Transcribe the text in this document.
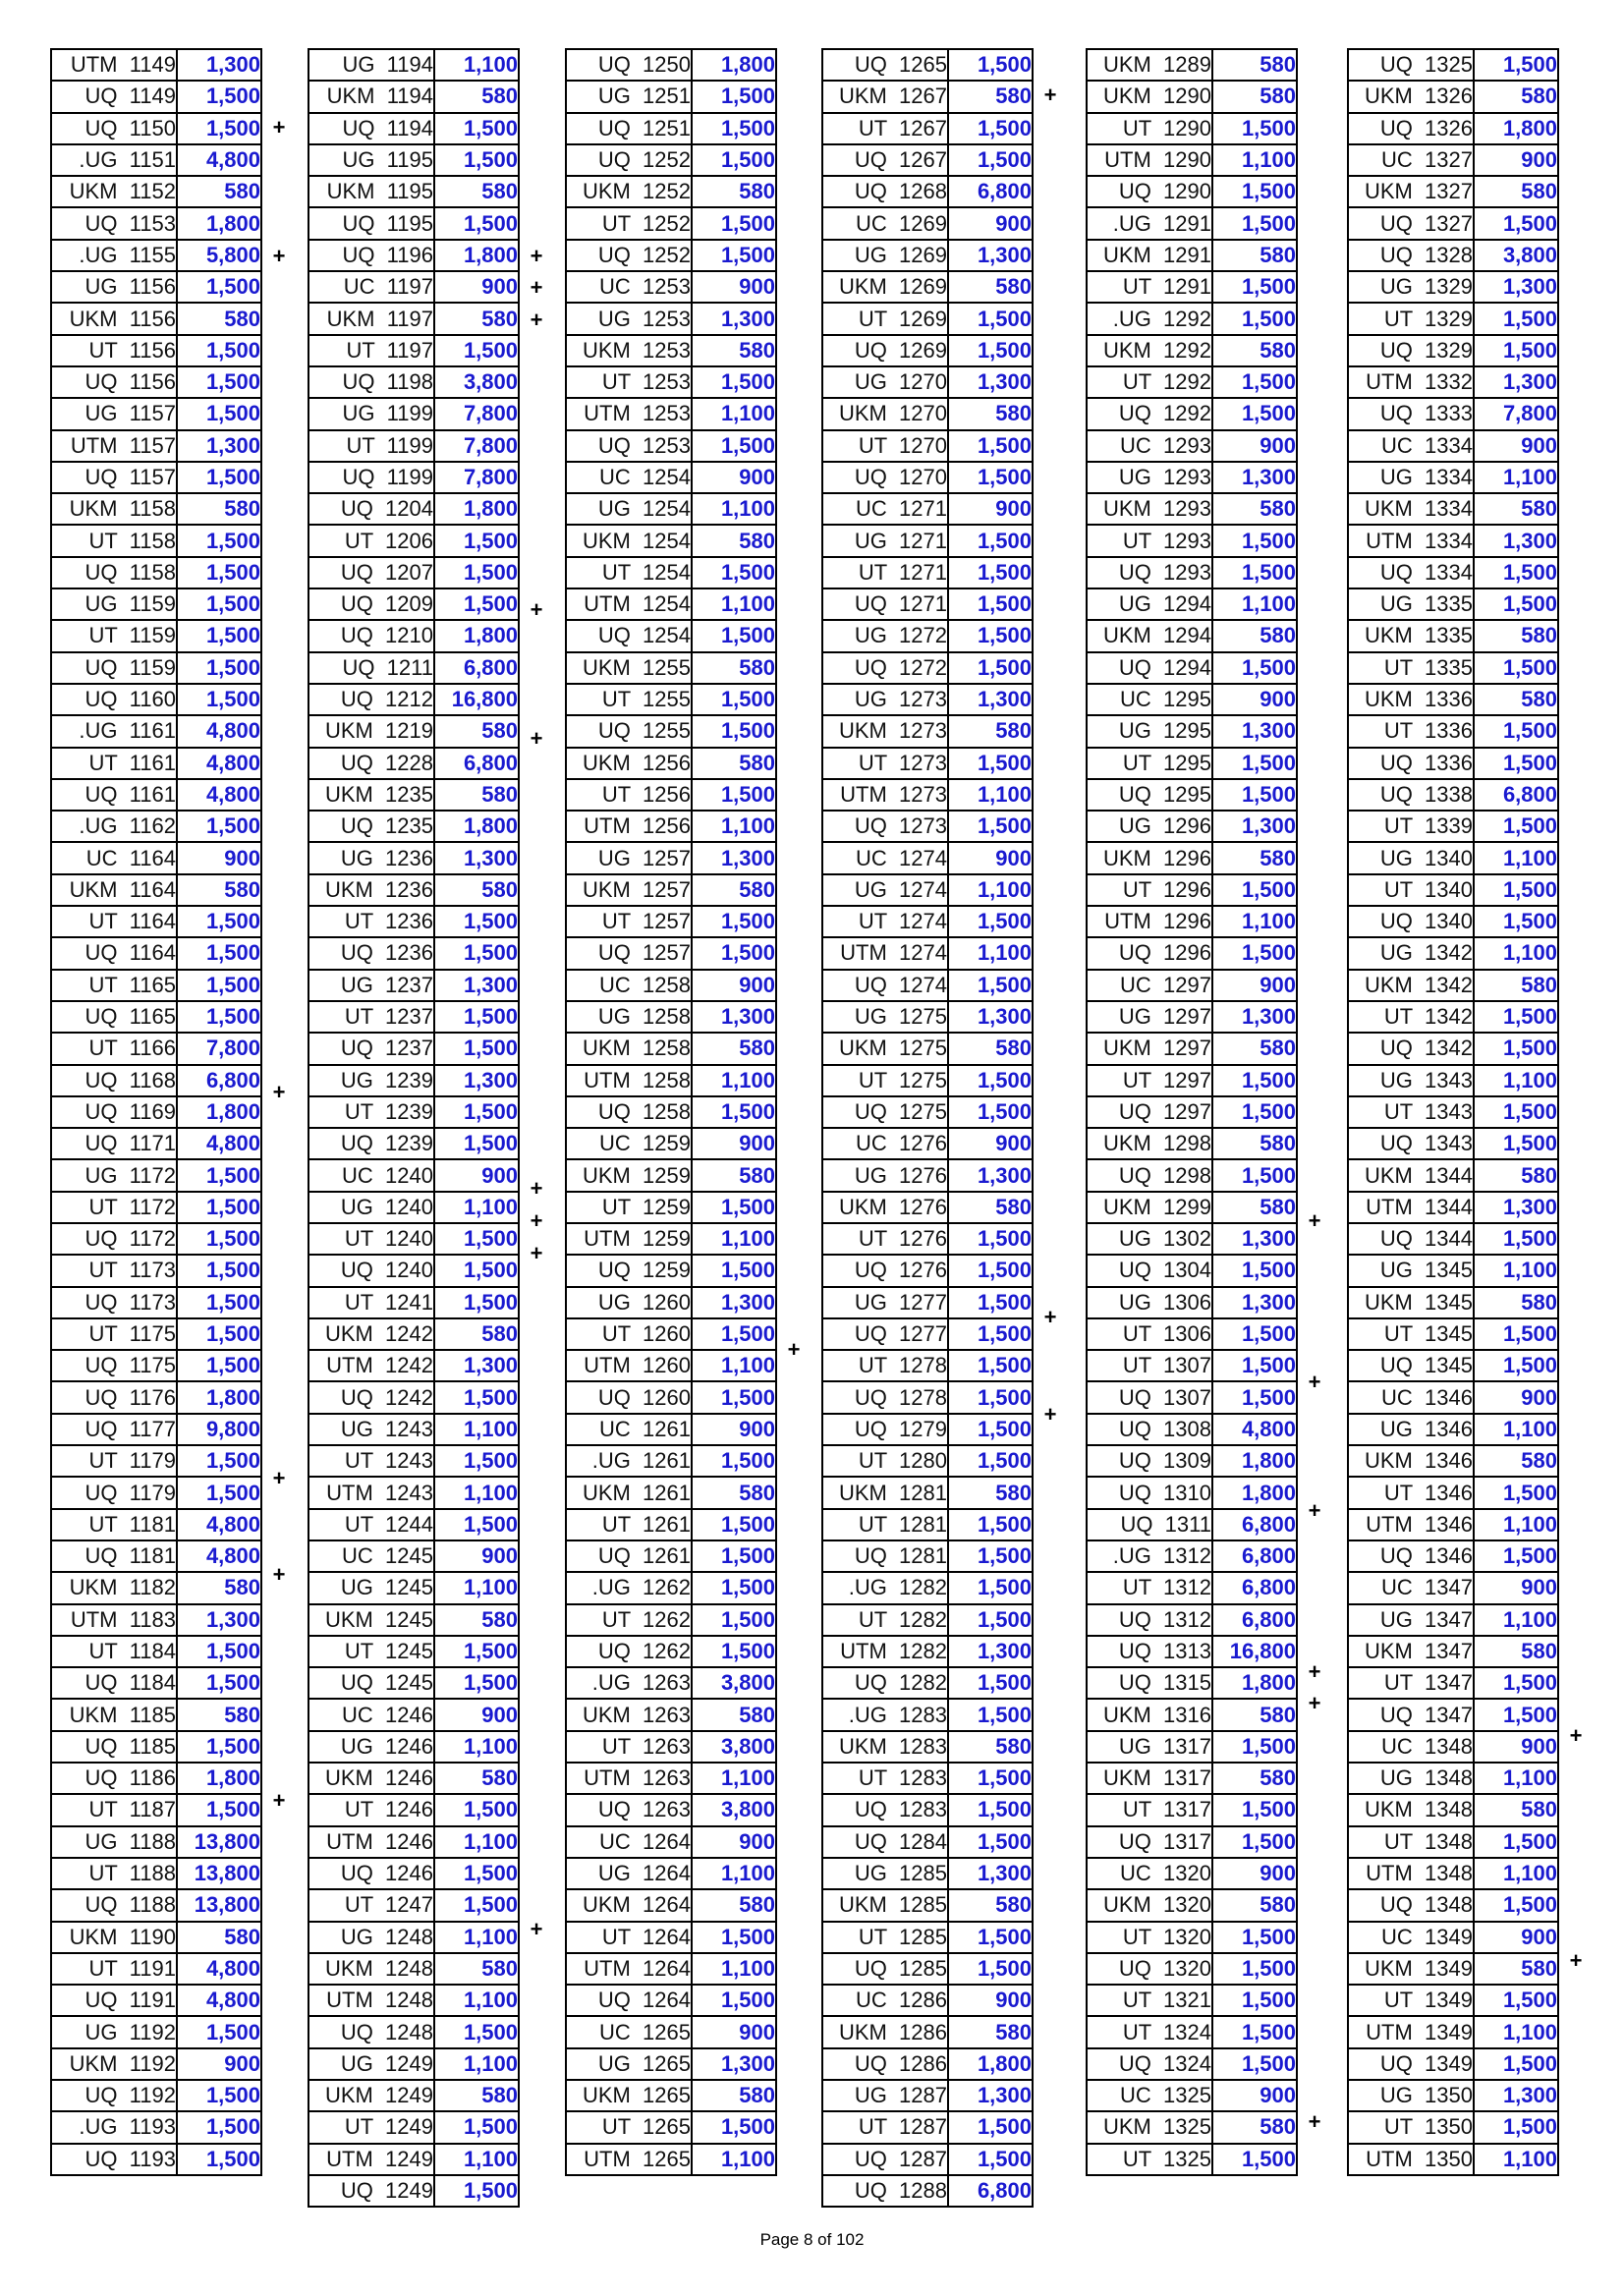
+
+
+
+
+
+
UTM  1149	1,300
UQ  1149	1,500
UQ  1150	1,500
.UG  1151	4,800
UKM  1152	580
UQ  1153	1,800
.UG  1155	5,800
UG  1156	1,500
UKM  1156	580
UT  1156	1,500
UQ  1156	1,500
UG  1157	1,500
UTM  1157	1,300
UQ  1157	1,500
UKM  1158	580
UT  1158	1,500
UQ  1158	1,500
UG  1159	1,500
UT  1159	1,500
UQ  1159	1,500
UQ  1160	1,500
.UG  1161	4,800
UT  1161	4,800
UQ  1161	4,800
.UG  1162	1,500
UC  1164	900
UKM  1164	580
UT  1164	1,500
UQ  1164	1,500
UT  1165	1,500
UQ  1165	1,500
UT  1166	7,800
UQ  1168	6,800
UQ  1169	1,800
UQ  1171	4,800
UG  1172	1,500
UT  1172	1,500
UQ  1172	1,500
UT  1173	1,500
UQ  1173	1,500
UT  1175	1,500
UQ  1175	1,500
UQ  1176	1,800
UQ  1177	9,800
UT  1179	1,500
UQ  1179	1,500
UT  1181	4,800
UQ  1181	4,800
UKM  1182	580
UTM  1183	1,300
UT  1184	1,500
UQ  1184	1,500
UKM  1185	580
UQ  1185	1,500
UQ  1186	1,800
UT  1187	1,500
UG  1188	13,800
UT  1188	13,800
UQ  1188	13,800
UKM  1190	580
UT  1191	4,800
UQ  1191	4,800
UG  1192	1,500
UKM  1192	900
UQ  1192	1,500
.UG  1193	1,500
UQ  1193	1,500
+
+
+
+
+
+
+
+
+
UG  1194	1,100
UKM  1194	580
UQ  1194	1,500
UG  1195	1,500
UKM  1195	580
UQ  1195	1,500
UQ  1196	1,800
UC  1197	900
UKM  1197	580
UT  1197	1,500
UQ  1198	3,800
UG  1199	7,800
UT  1199	7,800
UQ  1199	7,800
UQ  1204	1,800
UT  1206	1,500
UQ  1207	1,500
UQ  1209	1,500
UQ  1210	1,800
UQ  1211	6,800
UQ  1212	16,800
UKM  1219	580
UQ  1228	6,800
UKM  1235	580
UQ  1235	1,800
UG  1236	1,300
UKM  1236	580
UT  1236	1,500
UQ  1236	1,500
UG  1237	1,300
UT  1237	1,500
UQ  1237	1,500
UG  1239	1,300
UT  1239	1,500
UQ  1239	1,500
UC  1240	900
UG  1240	1,100
UT  1240	1,500
UQ  1240	1,500
UT  1241	1,500
UKM  1242	580
UTM  1242	1,300
UQ  1242	1,500
UG  1243	1,100
UT  1243	1,500
UTM  1243	1,100
UT  1244	1,500
UC  1245	900
UG  1245	1,100
UKM  1245	580
UT  1245	1,500
UQ  1245	1,500
UC  1246	900
UG  1246	1,100
UKM  1246	580
UT  1246	1,500
UTM  1246	1,100
UQ  1246	1,500
UT  1247	1,500
UG  1248	1,100
UKM  1248	580
UTM  1248	1,100
UQ  1248	1,500
UG  1249	1,100
UKM  1249	580
UT  1249	1,500
UTM  1249	1,100
UQ  1249	1,500
+
UQ  1250	1,800
UG  1251	1,500
UQ  1251	1,500
UQ  1252	1,500
UKM  1252	580
UT  1252	1,500
UQ  1252	1,500
UC  1253	900
UG  1253	1,300
UKM  1253	580
UT  1253	1,500
UTM  1253	1,100
UQ  1253	1,500
UC  1254	900
UG  1254	1,100
UKM  1254	580
UT  1254	1,500
UTM  1254	1,100
UQ  1254	1,500
UKM  1255	580
UT  1255	1,500
UQ  1255	1,500
UKM  1256	580
UT  1256	1,500
UTM  1256	1,100
UG  1257	1,300
UKM  1257	580
UT  1257	1,500
UQ  1257	1,500
UC  1258	900
UG  1258	1,300
UKM  1258	580
UTM  1258	1,100
UQ  1258	1,500
UC  1259	900
UKM  1259	580
UT  1259	1,500
UTM  1259	1,100
UQ  1259	1,500
UG  1260	1,300
UT  1260	1,500
UTM  1260	1,100
UQ  1260	1,500
UC  1261	900
.UG  1261	1,500
UKM  1261	580
UT  1261	1,500
UQ  1261	1,500
.UG  1262	1,500
UT  1262	1,500
UQ  1262	1,500
.UG  1263	3,800
UKM  1263	580
UT  1263	3,800
UTM  1263	1,100
UQ  1263	3,800
UC  1264	900
UG  1264	1,100
UKM  1264	580
UT  1264	1,500
UTM  1264	1,100
UQ  1264	1,500
UC  1265	900
UG  1265	1,300
UKM  1265	580
UT  1265	1,500
UTM  1265	1,100
+
+
+
UQ  1265	1,500
UKM  1267	580
UT  1267	1,500
UQ  1267	1,500
UQ  1268	6,800
UC  1269	900
UG  1269	1,300
UKM  1269	580
UT  1269	1,500
UQ  1269	1,500
UG  1270	1,300
UKM  1270	580
UT  1270	1,500
UQ  1270	1,500
UC  1271	900
UG  1271	1,500
UT  1271	1,500
UQ  1271	1,500
UG  1272	1,500
UQ  1272	1,500
UG  1273	1,300
UKM  1273	580
UT  1273	1,500
UTM  1273	1,100
UQ  1273	1,500
UC  1274	900
UG  1274	1,100
UT  1274	1,500
UTM  1274	1,100
UQ  1274	1,500
UG  1275	1,300
UKM  1275	580
UT  1275	1,500
UQ  1275	1,500
UC  1276	900
UG  1276	1,300
UKM  1276	580
UT  1276	1,500
UQ  1276	1,500
UG  1277	1,500
UQ  1277	1,500
UT  1278	1,500
UQ  1278	1,500
UQ  1279	1,500
UT  1280	1,500
UKM  1281	580
UT  1281	1,500
UQ  1281	1,500
.UG  1282	1,500
UT  1282	1,500
UTM  1282	1,300
UQ  1282	1,500
.UG  1283	1,500
UKM  1283	580
UT  1283	1,500
UQ  1283	1,500
UQ  1284	1,500
UG  1285	1,300
UKM  1285	580
UT  1285	1,500
UQ  1285	1,500
UC  1286	900
UKM  1286	580
UQ  1286	1,800
UG  1287	1,300
UT  1287	1,500
UQ  1287	1,500
UQ  1288	6,800
+
+
+
+
+
+
UKM  1289	580
UKM  1290	580
UT  1290	1,500
UTM  1290	1,100
UQ  1290	1,500
.UG  1291	1,500
UKM  1291	580
UT  1291	1,500
.UG  1292	1,500
UKM  1292	580
UT  1292	1,500
UQ  1292	1,500
UC  1293	900
UG  1293	1,300
UKM  1293	580
UT  1293	1,500
UQ  1293	1,500
UG  1294	1,100
UKM  1294	580
UQ  1294	1,500
UC  1295	900
UG  1295	1,300
UT  1295	1,500
UQ  1295	1,500
UG  1296	1,300
UKM  1296	580
UT  1296	1,500
UTM  1296	1,100
UQ  1296	1,500
UC  1297	900
UG  1297	1,300
UKM  1297	580
UT  1297	1,500
UQ  1297	1,500
UKM  1298	580
UQ  1298	1,500
UKM  1299	580
UG  1302	1,300
UQ  1304	1,500
UG  1306	1,300
UT  1306	1,500
UT  1307	1,500
UQ  1307	1,500
UQ  1308	4,800
UQ  1309	1,800
UQ  1310	1,800
UQ  1311	6,800
.UG  1312	6,800
UT  1312	6,800
UQ  1312	6,800
UQ  1313	16,800
UQ  1315	1,800
UKM  1316	580
UG  1317	1,500
UKM  1317	580
UT  1317	1,500
UQ  1317	1,500
UC  1320	900
UKM  1320	580
UT  1320	1,500
UQ  1320	1,500
UT  1321	1,500
UT  1324	1,500
UQ  1324	1,500
UC  1325	900
UKM  1325	580
UT  1325	1,500
+
+
UQ  1325	1,500
UKM  1326	580
UQ  1326	1,800
UC  1327	900
UKM  1327	580
UQ  1327	1,500
UQ  1328	3,800
UG  1329	1,300
UT  1329	1,500
UQ  1329	1,500
UTM  1332	1,300
UQ  1333	7,800
UC  1334	900
UG  1334	1,100
UKM  1334	580
UTM  1334	1,300
UQ  1334	1,500
UG  1335	1,500
UKM  1335	580
UT  1335	1,500
UKM  1336	580
UT  1336	1,500
UQ  1336	1,500
UQ  1338	6,800
UT  1339	1,500
UG  1340	1,100
UT  1340	1,500
UQ  1340	1,500
UG  1342	1,100
UKM  1342	580
UT  1342	1,500
UQ  1342	1,500
UG  1343	1,100
UT  1343	1,500
UQ  1343	1,500
UKM  1344	580
UTM  1344	1,300
UQ  1344	1,500
UG  1345	1,100
UKM  1345	580
UT  1345	1,500
UQ  1345	1,500
UC  1346	900
UG  1346	1,100
UKM  1346	580
UT  1346	1,500
UTM  1346	1,100
UQ  1346	1,500
UC  1347	900
UG  1347	1,100
UKM  1347	580
UT  1347	1,500
UQ  1347	1,500
UC  1348	900
UG  1348	1,100
UKM  1348	580
UT  1348	1,500
UTM  1348	1,100
UQ  1348	1,500
UC  1349	900
UKM  1349	580
UT  1349	1,500
UTM  1349	1,100
UQ  1349	1,500
UG  1350	1,300
UT  1350	1,500
UTM  1350	1,100
Page 8 of 102
